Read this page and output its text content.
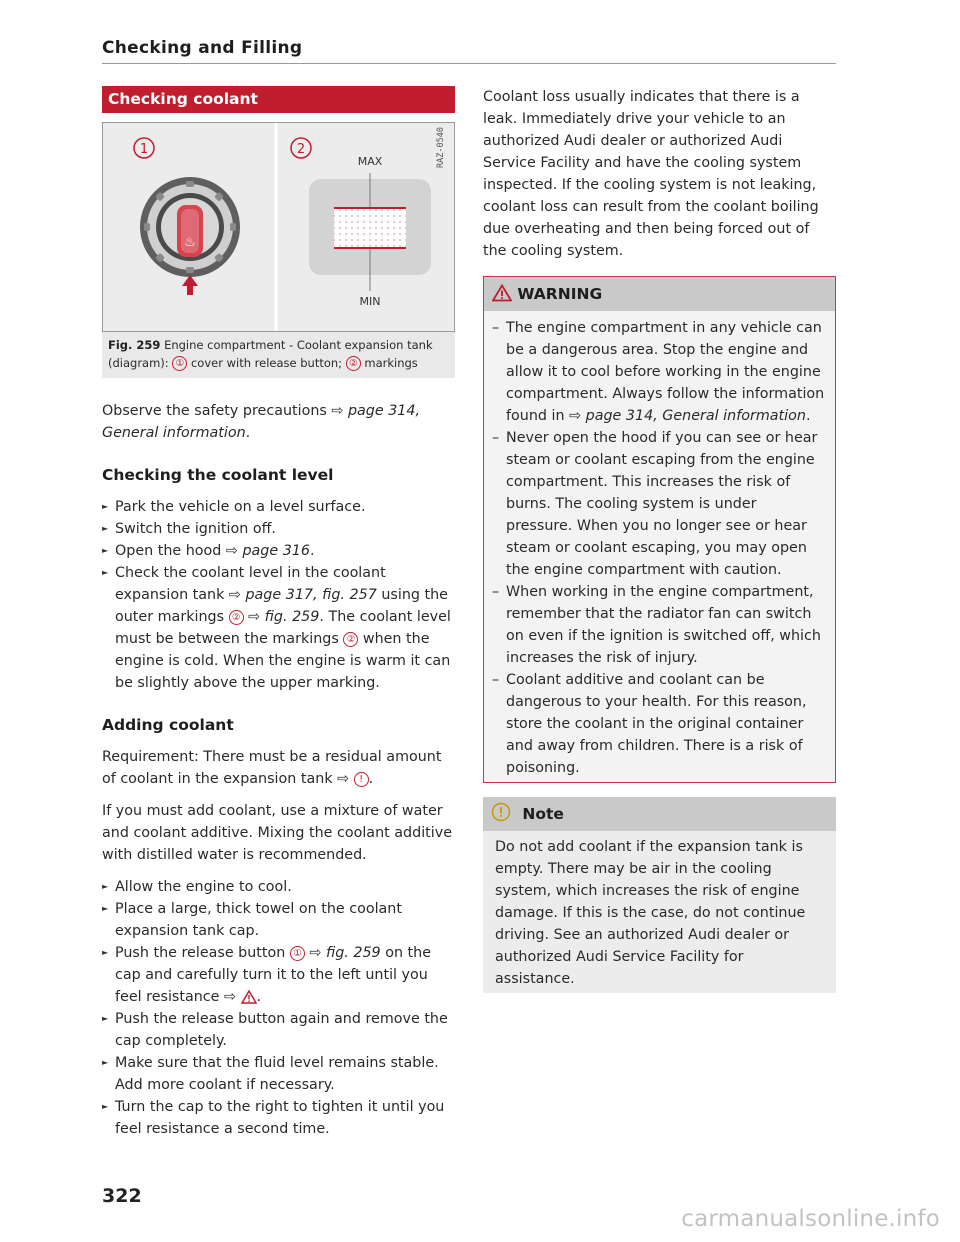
Checking and Filling
Checking coolant
1
♨
2
MAX
MIN
RAZ-0540
Fig. 259 Engine compartment - Coolant expansion tank (diagram): ① cover with release button; ② markings

Observe the safety precautions ⇨ page 314, General information.

Checking the coolant level
► Park the vehicle on a level surface.
► Switch the ignition off.
► Open the hood ⇨ page 316.
► Check the coolant level in the coolant expansion tank ⇨ page 317, fig. 257 using the outer markings ② ⇨ fig. 259. The coolant level must be between the markings ② when the engine is cold. When the engine is warm it can be slightly above the upper marking.
Adding coolant

Requirement: There must be a residual amount of coolant in the expansion tank ⇨ ! .

If you must add coolant, use a mixture of water and coolant additive. Mixing the coolant additive with distilled water is recommended.

► Allow the engine to cool.
► Place a large, thick towel on the coolant expansion tank cap.
► Push the release button ① ⇨ fig. 259 on the cap and carefully turn it to the left until you feel resistance ⇨ .
► Push the release button again and remove the cap completely.
► Make sure that the fluid level remains stable. Add more coolant if necessary.
► Turn the cap to the right to tighten it until you feel resistance a second time.

Coolant loss usually indicates that there is a leak. Immediately drive your vehicle to an authorized Audi dealer or authorized Audi Service Facility and have the cooling system inspected. If the cooling system is not leaking, coolant loss can result from the coolant boiling due overheating and then being forced out of the cooling system.

WARNING
– The engine compartment in any vehicle can be a dangerous area. Stop the engine and allow it to cool before working in the engine compartment. Always follow the information found in ⇨ page 314, General information.
– Never open the hood if you can see or hear steam or coolant escaping from the engine compartment. This increases the risk of burns. The cooling system is under pressure. When you no longer see or hear steam or coolant escaping, you may open the engine compartment with caution.
– When working in the engine compartment, remember that the radiator fan can switch on even if the ignition is switched off, which increases the risk of injury.
– Coolant additive and coolant can be dangerous to your health. For this reason, store the coolant in the original container and away from children. There is a risk of poisoning.
Note
Do not add coolant if the expansion tank is empty. There may be air in the cooling system, which increases the risk of engine damage. If this is the case, do not continue driving. See an authorized Audi dealer or authorized Audi Service Facility for assistance.
322
carmanualsonline.info
